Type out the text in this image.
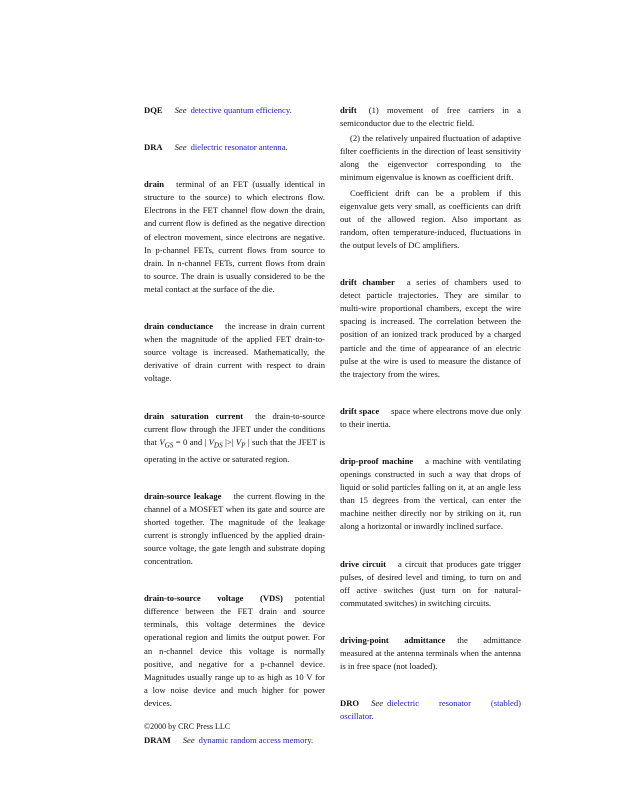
DQE See detective quantum efficiency.
DRA See dielectric resonator antenna.

drain terminal of an FET (usually identical in structure to the source) to which electrons flow. Electrons in the FET channel flow down the drain, and current flow is defined as the negative direction of electron movement, since electrons are negative. In p-channel FETs, current flows from source to drain. In n-channel FETs, current flows from drain to source. The drain is usually considered to be the metal contact at the surface of the die.

drain conductance the increase in drain current when the magnitude of the applied FET drain-to-source voltage is increased. Mathematically, the derivative of drain current with respect to drain voltage.

drain saturation current the drain-to-source current flow through the JFET under the conditions that $V_{GS} = 0$ and | $V_{DS}$ |>| $V_P$ | such that the JFET is operating in the active or saturated region.

drain-source leakage the current flowing in the channel of a MOSFET when its gate and source are shorted together. The magnitude of the leakage current is strongly influenced by the applied drain-source voltage, the gate length and substrate doping concentration.

drain-to-source voltage (VDS) potential difference between the FET drain and source terminals, this voltage determines the device operational region and limits the output power. For an n-channel device this voltage is normally positive, and negative for a p-channel device. Magnitudes usually range up to as high as 10 V for a low noise device and much higher for power devices.

DRAM See dynamic random access memory.

drift (1) movement of free carriers in a semiconductor due to the electric field.

(2) the relatively unpaired fluctuation of adaptive filter coefficients in the direction of least sensitivity along the eigenvector corresponding to the minimum eigenvalue is known as coefficient drift.

Coefficient drift can be a problem if this eigenvalue gets very small, as coefficients can drift out of the allowed region. Also important as random, often temperature-induced, fluctuations in the output levels of DC amplifiers.

drift chamber a series of chambers used to detect particle trajectories. They are similar to multi-wire proportional chambers, except the wire spacing is increased. The correlation between the position of an ionized track produced by a charged particle and the time of appearance of an electric pulse at the wire is used to measure the distance of the trajectory from the wires.

drift space space where electrons move due only to their inertia.

drip-proof machine a machine with ventilating openings constructed in such a way that drops of liquid or solid particles falling on it, at an angle less than 15 degrees from the vertical, can enter the machine neither directly nor by striking on it, run along a horizontal or inwardly inclined surface.

drive circuit a circuit that produces gate trigger pulses, of desired level and timing, to turn on and off active switches (just turn on for natural-commutated switches) in switching circuits.

driving-point admittance the admittance measured at the antenna terminals when the antenna is in free space (not loaded).

DRO See dielectric resonator (stabled) oscillator.

©2000 by CRC Press LLC
